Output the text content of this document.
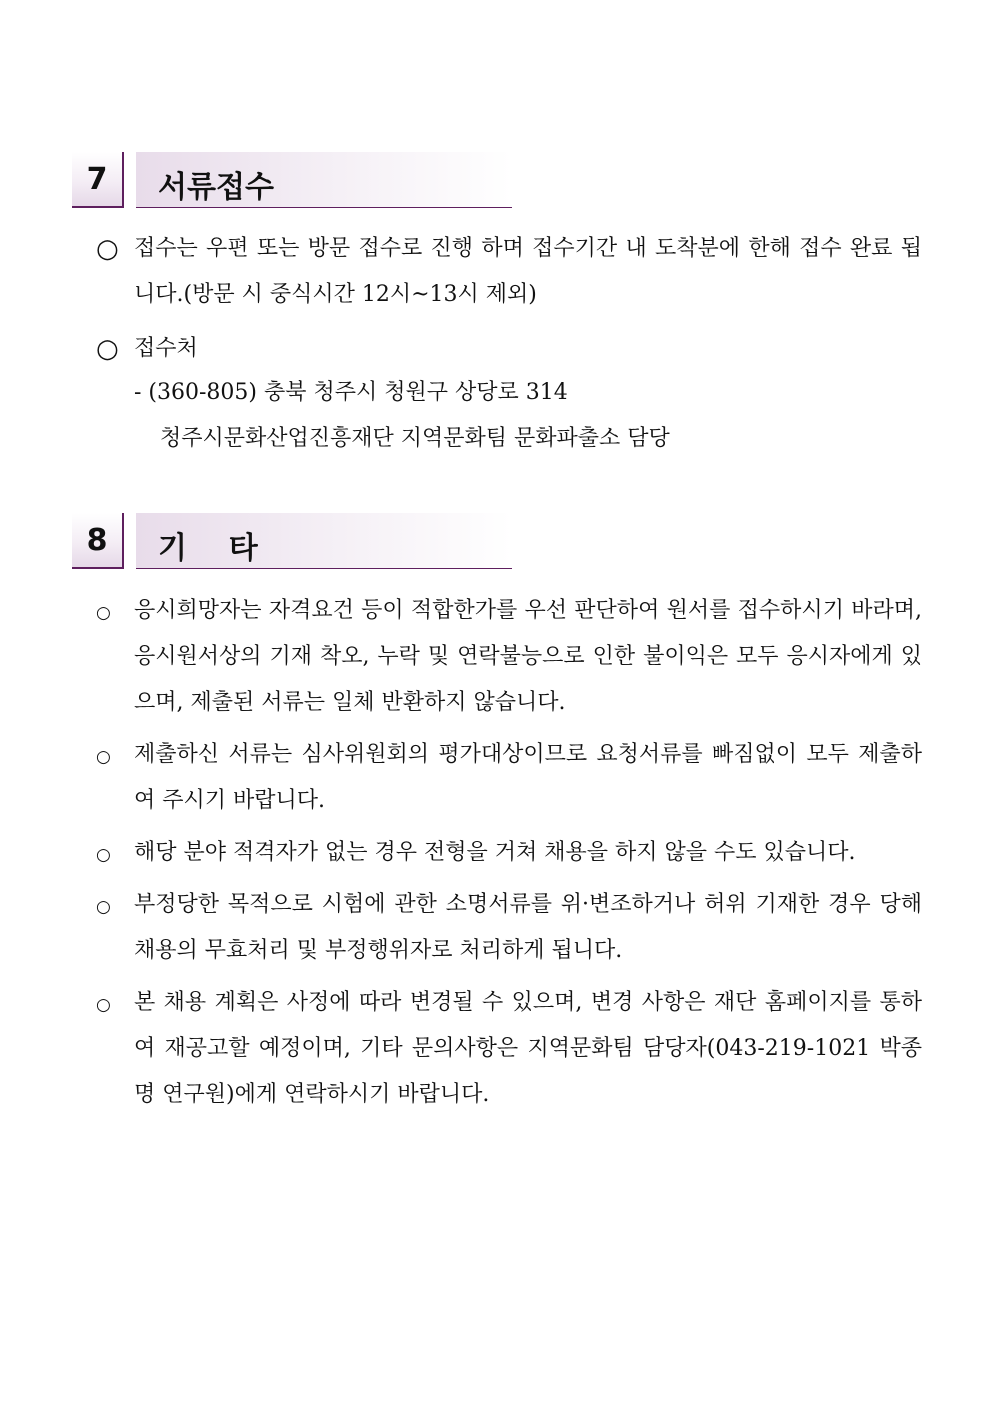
7	서류접수
○ 접수는 우편 또는 방문 접수로 진행 하며 접수기간 내 도착분에 한해 접수 완료 됩니다.(방문 시 중식시간 12시~13시 제외)
○ 접수처
- (360-805) 충북 청주시 청원구 상당로 314
청주시문화산업진흥재단 지역문화팀 문화파출소 담당
8	기    타
○	응시희망자는 자격요건 등이 적합한가를 우선 판단하여 원서를 접수하시기 바라며, 응시원서상의 기재 착오, 누락 및 연락불능으로 인한 불이익은 모두 응시자에게 있으며, 제출된 서류는 일체 반환하지 않습니다.
○	제출하신 서류는 심사위원회의 평가대상이므로 요청서류를 빠짐없이 모두 제출하여 주시기 바랍니다.
○	해당 분야 적격자가 없는 경우 전형을 거쳐 채용을 하지 않을 수도 있습니다.
○	부정당한 목적으로 시험에 관한 소명서류를 위·변조하거나 허위 기재한 경우 당해 채용의 무효처리 및 부정행위자로 처리하게 됩니다.
○	본 채용 계획은 사정에 따라 변경될 수 있으며, 변경 사항은 재단 홈페이지를 통하여 재공고할 예정이며, 기타 문의사항은 지역문화팀 담당자(043-219-1021 박종명 연구원)에게 연락하시기 바랍니다.
